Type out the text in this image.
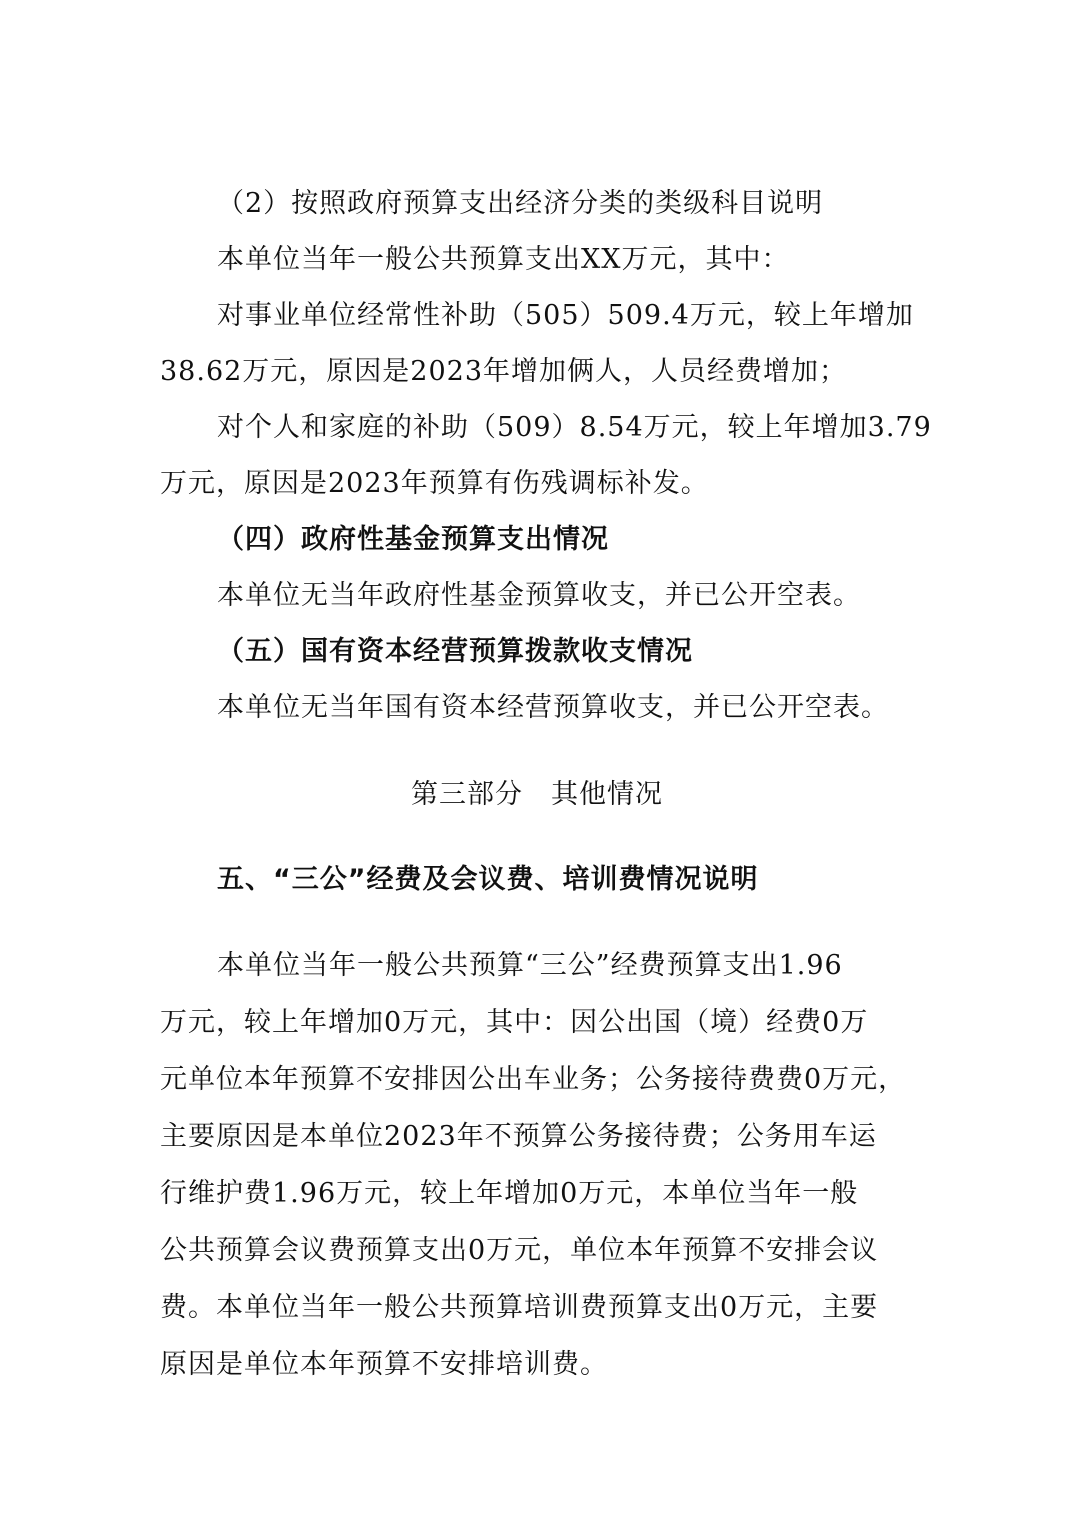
（2）按照政府预算支出经济分类的类级科目说明
本单位当年一般公共预算支出XX万元，其中：
对事业单位经常性补助（505）509.4万元，较上年增加
38.62万元，原因是2023年增加俩人，人员经费增加；
对个人和家庭的补助（509）8.54万元，较上年增加3.79
万元，原因是2023年预算有伤残调标补发。
（四）政府性基金预算支出情况
本单位无当年政府性基金预算收支，并已公开空表。
（五）国有资本经营预算拨款收支情况
本单位无当年国有资本经营预算收支，并已公开空表。
第三部分　其他情况
五、“三公”经费及会议费、培训费情况说明
本单位当年一般公共预算“三公”经费预算支出1.96
万元，较上年增加0万元，其中：因公出国（境）经费0万
元单位本年预算不安排因公出车业务；公务接待费费0万元，
主要原因是本单位2023年不预算公务接待费；公务用车运
行维护费1.96万元，较上年增加0万元，本单位当年一般
公共预算会议费预算支出0万元，单位本年预算不安排会议
费。本单位当年一般公共预算培训费预算支出0万元，主要
原因是单位本年预算不安排培训费。
